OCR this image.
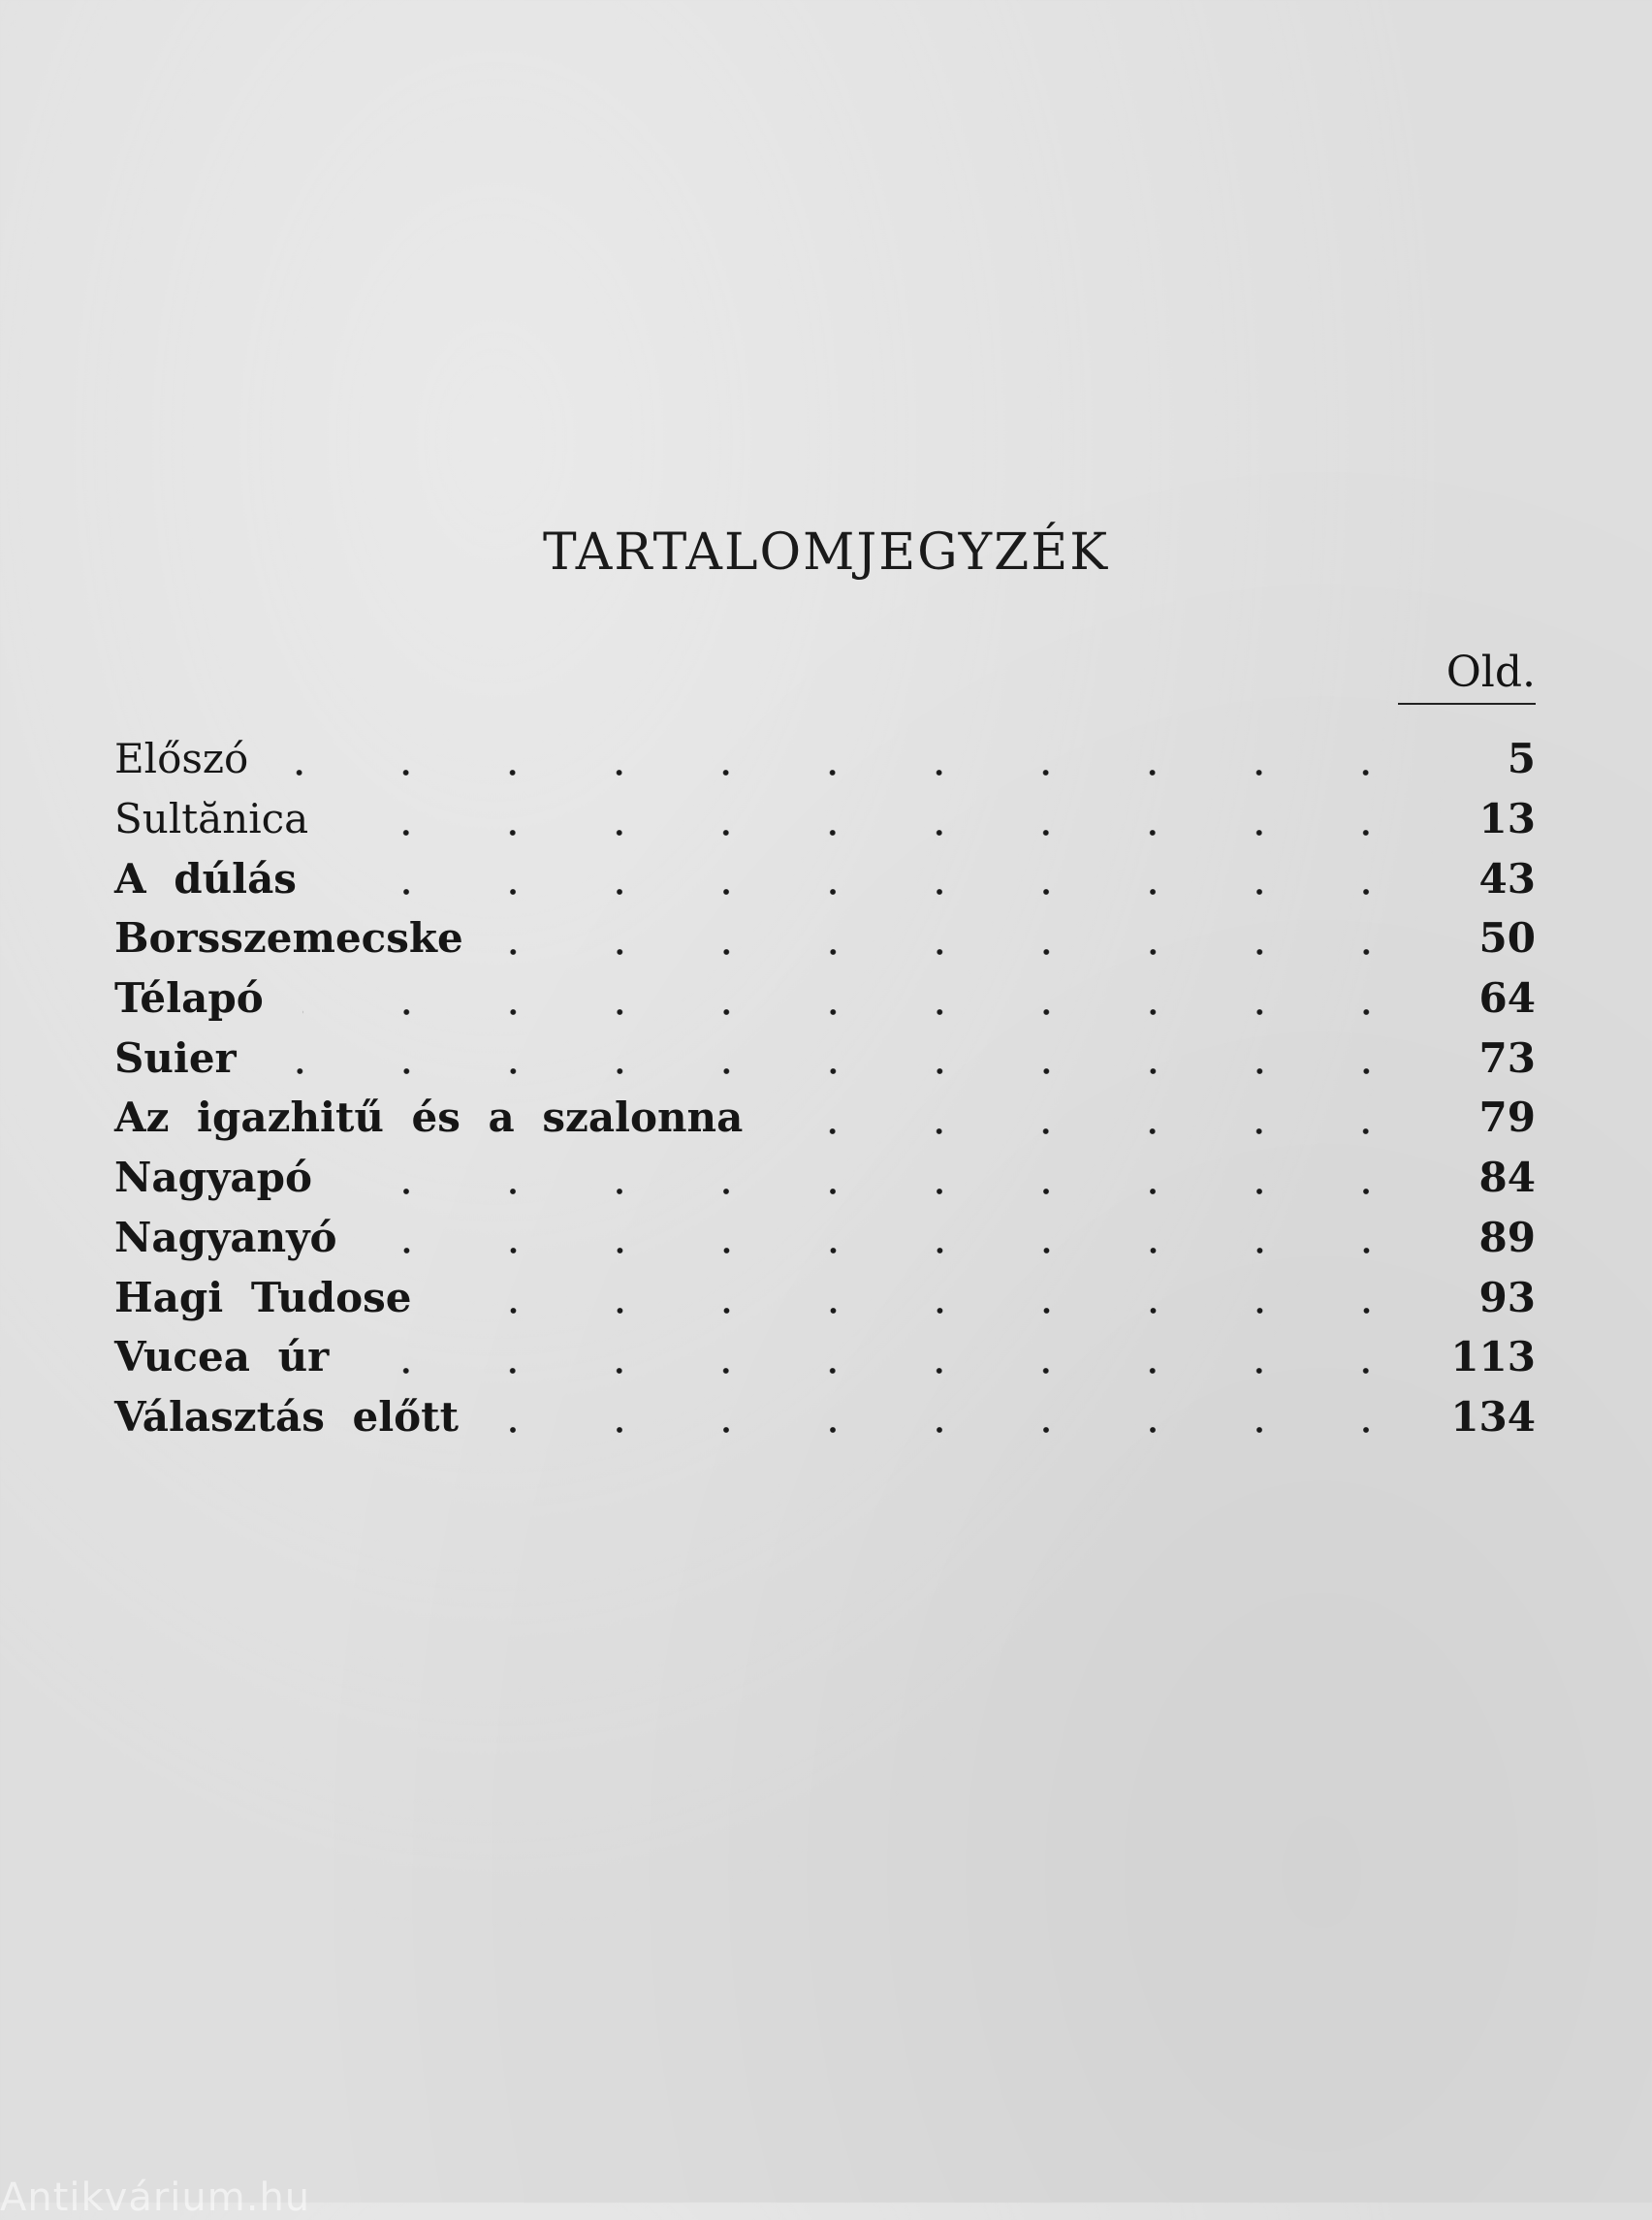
TARTALOMJEGYZÉK
Old.
Előszó	5
Sultănica	13
A dúlás	43
Borsszemecske	50
Télapó	64
Suier	73
Az igazhitű és a szalonna	79
Nagyapó	84
Nagyanyó	89
Hagi Tudose	93
Vucea úr	113
Választás előtt	134
Antikvárium.hu
